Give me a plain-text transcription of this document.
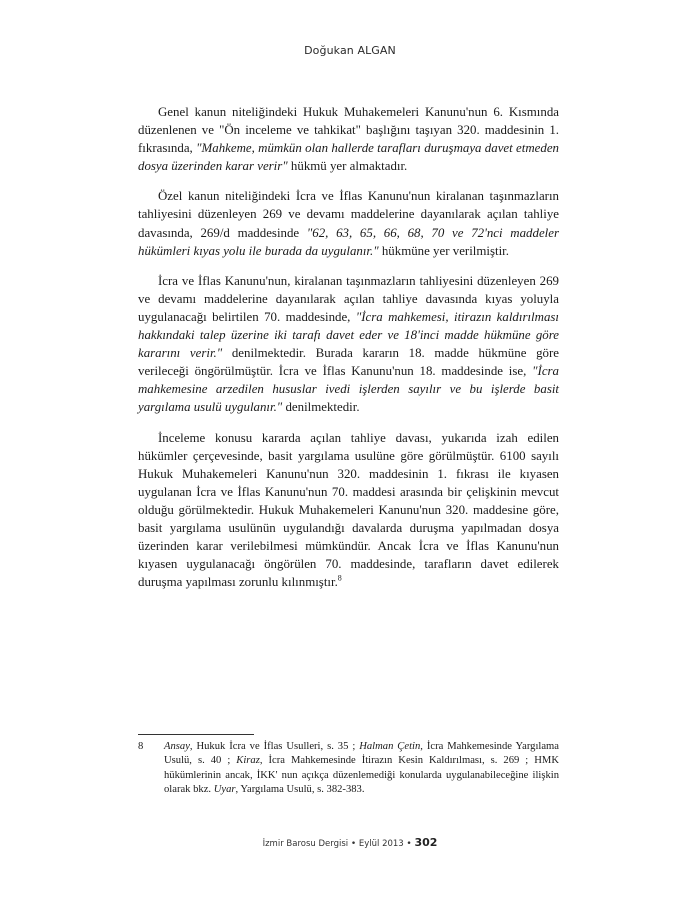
Doğukan ALGAN

Genel kanun niteliğindeki Hukuk Muhakemeleri Kanunu'nun 6. Kısmında düzenlenen ve "Ön inceleme ve tahkikat" başlığını taşıyan 320. maddesinin 1. fıkrasında, "Mahkeme, mümkün olan hallerde tarafları duruşmaya davet etmeden dosya üzerinden karar verir" hükmü yer almaktadır.

Özel kanun niteliğindeki İcra ve İflas Kanunu'nun kiralanan taşınmazların tahliyesini düzenleyen 269 ve devamı maddelerine dayanılarak açılan tahliye davasında, 269/d maddesinde "62, 63, 65, 66, 68, 70 ve 72'nci maddeler hükümleri kıyas yolu ile burada da uygulanır." hükmüne yer verilmiştir.

İcra ve İflas Kanunu'nun, kiralanan taşınmazların tahliyesini düzenleyen 269 ve devamı maddelerine dayanılarak açılan tahliye davasında kıyas yoluyla uygulanacağı belirtilen 70. maddesinde, "İcra mahkemesi, itirazın kaldırılması hakkındaki talep üzerine iki tarafı davet eder ve 18'inci madde hükmüne göre kararını verir." denilmektedir. Burada kararın 18. madde hükmüne göre verileceği öngörülmüştür. İcra ve İflas Kanunu'nun 18. maddesinde ise, "İcra mahkemesine arzedilen hususlar ivedi işlerden sayılır ve bu işlerde basit yargılama usulü uygulanır." denilmektedir.

İnceleme konusu kararda açılan tahliye davası, yukarıda izah edilen hükümler çerçevesinde, basit yargılama usulüne göre görülmüştür. 6100 sayılı Hukuk Muhakemeleri Kanunu'nun 320. maddesinin 1. fıkrası ile kıyasen uygulanan İcra ve İflas Kanunu'nun 70. maddesi arasında bir çelişkinin mevcut olduğu görülmektedir. Hukuk Muhakemeleri Kanunu'nun 320. maddesine göre, basit yargılama usulünün uygulandığı davalarda duruşma yapılmadan dosya üzerinden karar verilebilmesi mümkündür. Ancak İcra ve İflas Kanunu'nun kıyasen uygulanacağı öngörülen 70. maddesinde, tarafların davet edilerek duruşma yapılması zorunlu kılınmıştır.$^8$

8 Ansay, Hukuk İcra ve İflas Usulleri, s. 35 ; Halman Çetin, İcra Mahkemesinde Yargılama Usulü, s. 40 ; Kiraz, İcra Mahkemesinde İtirazın Kesin Kaldırılması, s. 269 ; HMK hükümlerinin ancak, İKK' nun açıkça düzenlemediği konularda uygulanabileceğine ilişkin olarak bkz. Uyar, Yargılama Usulü, s. 382-383.
İzmir Barosu Dergisi • Eylül 2013 • 302
